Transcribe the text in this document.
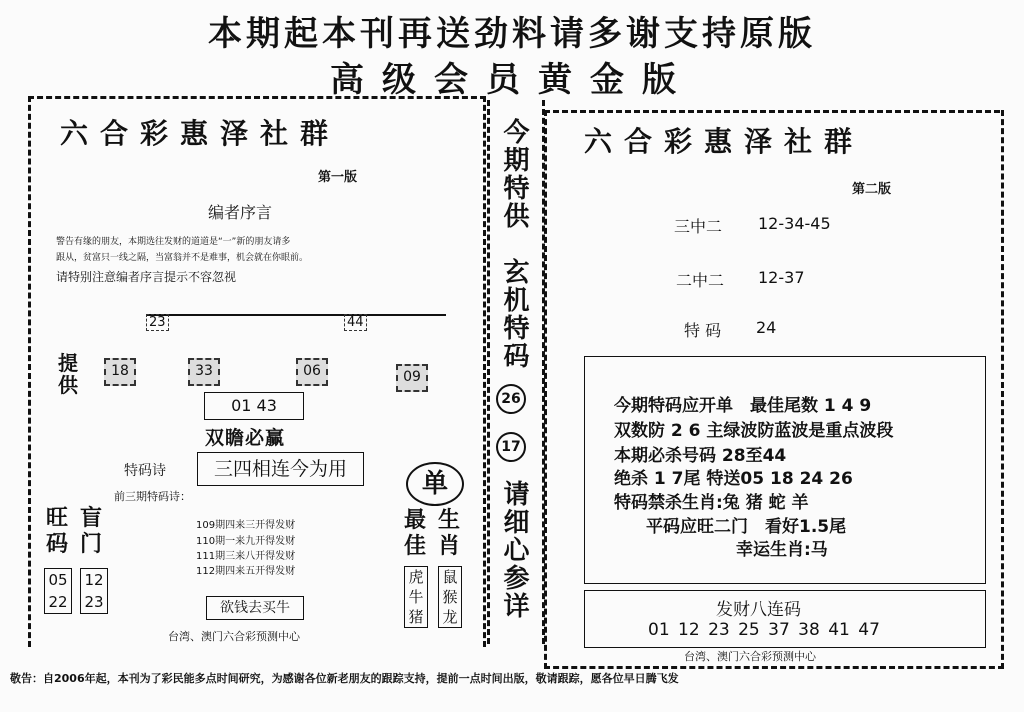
本期起本刊再送劲料请多谢支持原版
高级会员黄金版
六合彩惠泽社群
第一版
编者序言
警告有缘的朋友，本期选往发财的道道是“一”新的朋友请多
跟从，贫富只一线之隔，当富翁并不是难事，机会就在你眼前。
请特别注意编者序言提示不容忽视
23	44
提供
18	33	06	09
01 43
双瞻必赢
特码诗	三四相连今为用
前三期特码诗：
109期四来三开得发财
110期一来九开得发财
111期三来八开得发财
112期四来五开得发财
旺码
盲门
05
22
12
23
单
最佳
生肖
虎牛猪
鼠猴龙
欲钱去买牛
台湾、澳门六合彩预测中心
今期特供
玄机特码
26
17
请细心参详
六合彩惠泽社群
第二版
三中二 12-34-45
二中二 12-37
特 码 24
今期特码应开单　最佳尾数 1 4 9
双数防 2 6 主绿波防蓝波是重点波段
本期必杀号码 28至44
绝杀 1 7尾 特送05 18 24 26
特码禁杀生肖:兔 猪 蛇 羊
平码应旺二门　看好1.5尾
幸运生肖:马
发财八连码
01 12 23 25 37 38 41 47
台湾、澳门六合彩预测中心
敬告：自2006年起，本刊为了彩民能多点时间研究，为感谢各位新老朋友的跟踪支持，提前一点时间出版，敬请跟踪，愿各位早日腾飞发
